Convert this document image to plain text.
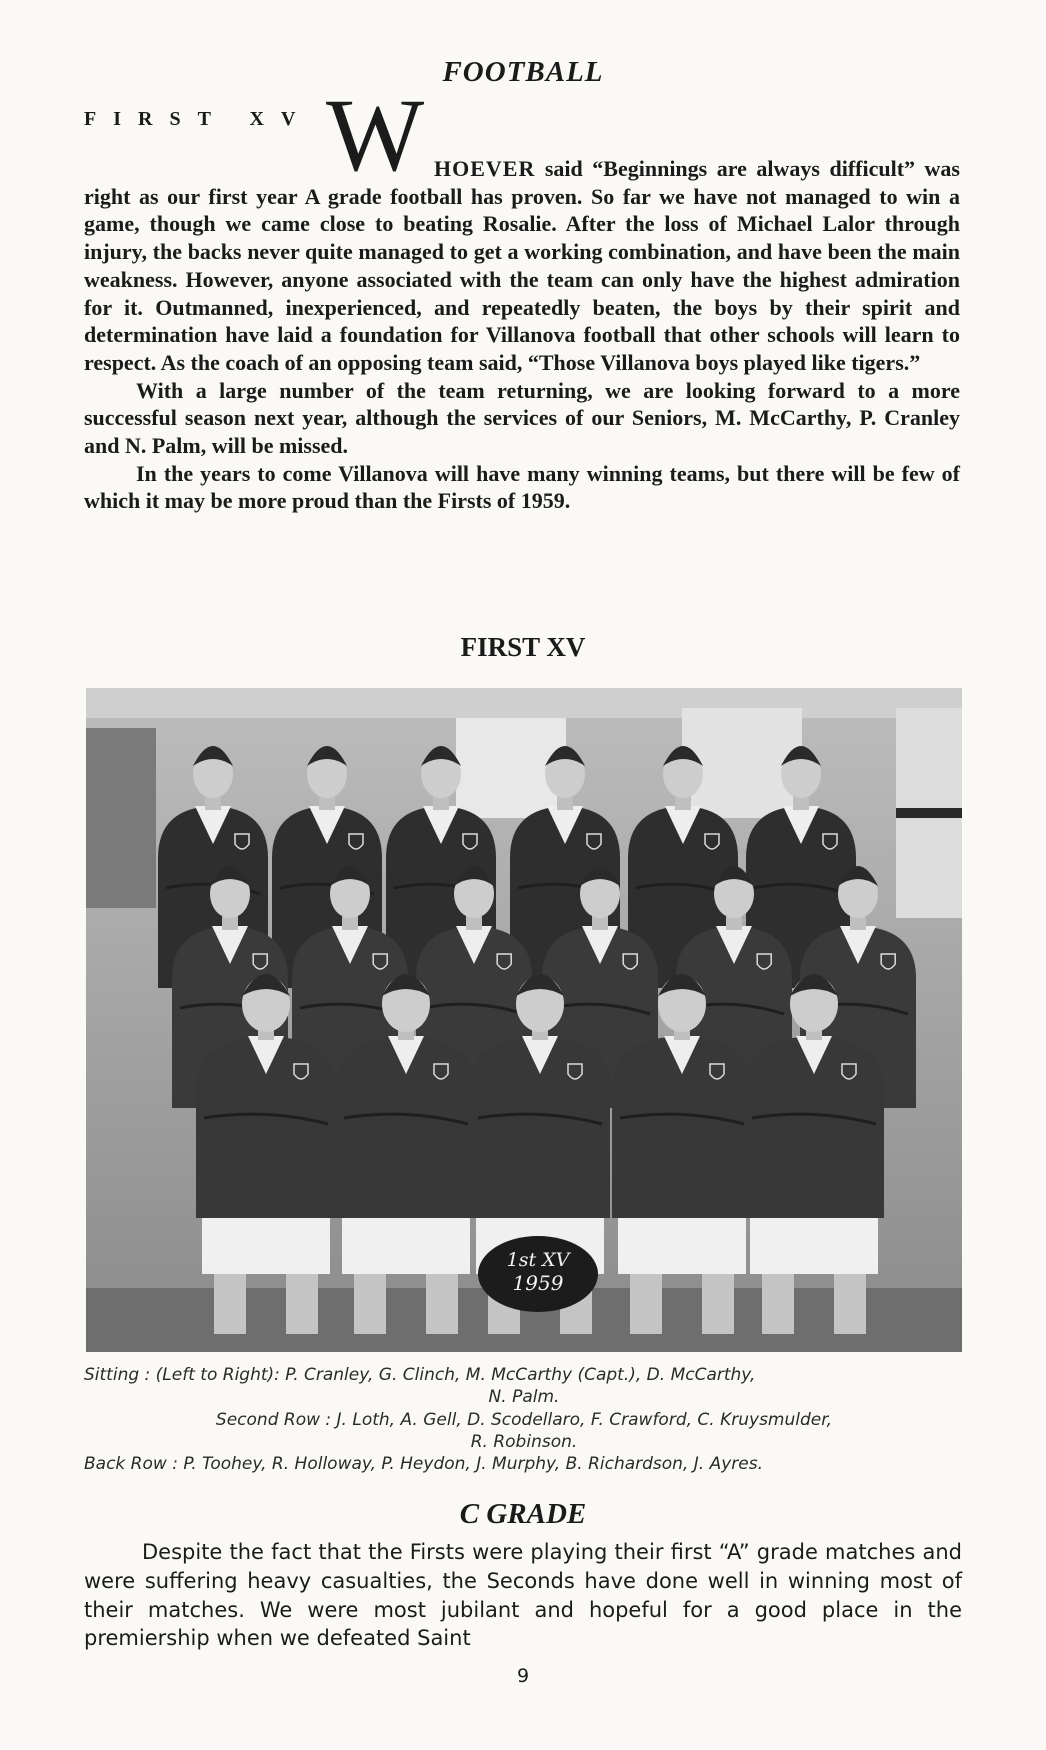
FOOTBALL
FIRST XV W HOEVER said “Beginnings are always difficult” was right as our first year A grade football has proven. So far we have not managed to win a game, though we came close to beating Rosalie. After the loss of Michael Lalor through injury, the backs never quite managed to get a working combination, and have been the main weakness. However, anyone associated with the team can only have the highest admiration for it. Outmanned, inexperienced, and repeatedly beaten, the boys by their spirit and determination have laid a foundation for Villanova football that other schools will learn to respect. As the coach of an opposing team said, “Those Villanova boys played like tigers.”

With a large number of the team returning, we are looking forward to a more successful season next year, although the services of our Seniors, M. McCarthy, P. Cranley and N. Palm, will be missed.

In the years to come Villanova will have many winning teams, but there will be few of which it may be more proud than the Firsts of 1959.

FIRST XV
1st XV
1959
Sitting : (Left to Right): P. Cranley, G. Clinch, M. McCarthy (Capt.), D. McCarthy,
N. Palm.
Second Row : J. Loth, A. Gell, D. Scodellaro, F. Crawford, C. Kruysmulder,
R. Robinson.
Back Row : P. Toohey, R. Holloway, P. Heydon, J. Murphy, B. Richardson, J. Ayres.
C GRADE

Despite the fact that the Firsts were playing their first “A” grade matches and were suffering heavy casualties, the Seconds have done well in winning most of their matches. We were most jubilant and hopeful for a good place in the premiership when we defeated Saint

9
